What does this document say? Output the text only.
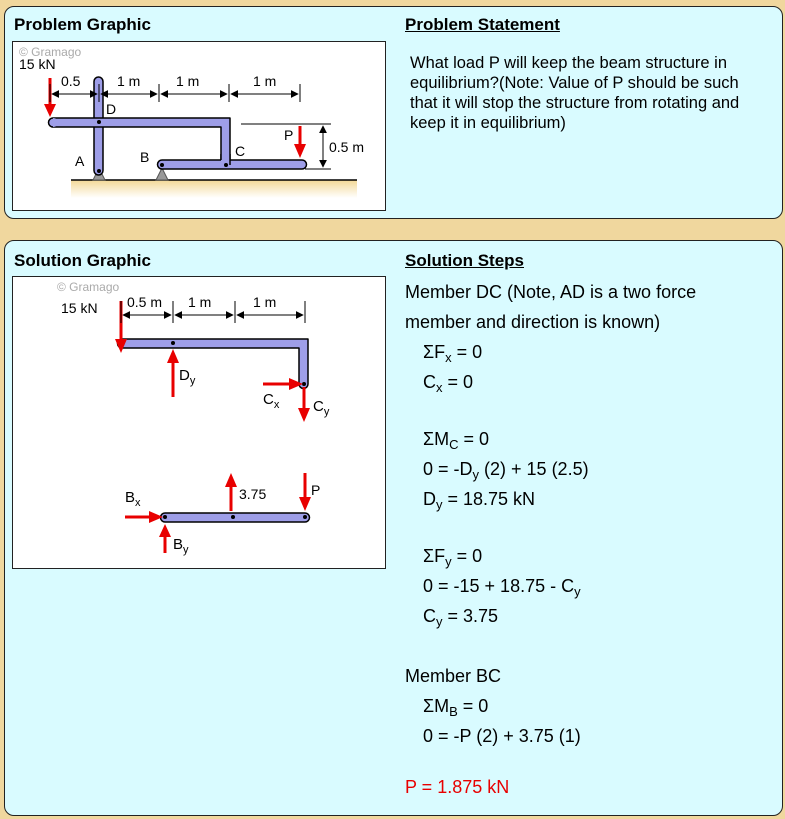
Problem Graphic	Problem Statement
© Gramago
15 kN
P
0.5	1 m	1 m	1 m
0.5 m
A
D
B	C
What load P will keep the beam structure in equilibrium?(Note: Value of P should be such that it will stop the structure from rotating and keep it in equilibrium)
Solution Graphic	Solution Steps
© Gramago
15 kN
$D_y$
$C_x$ $C_y$
0.5 m 1 m	1 m
$B_x$
$B_y$
3.75	P
Member DC (Note, AD is a two force
member and direction is known)
$\Sigma F_x = 0$
$C_x = 0$
$\Sigma M_C = 0$
$0 = -D_y$ (2) + 15 (2.5)
$D_y = 18.75$ kN
$\Sigma F_y = 0$
$0 = -15 + 18.75 - C_y$
$C_y = 3.75$
Member BC
$\Sigma M_B = 0$
0 = -P (2) + 3.75 (1)
P = 1.875 kN
